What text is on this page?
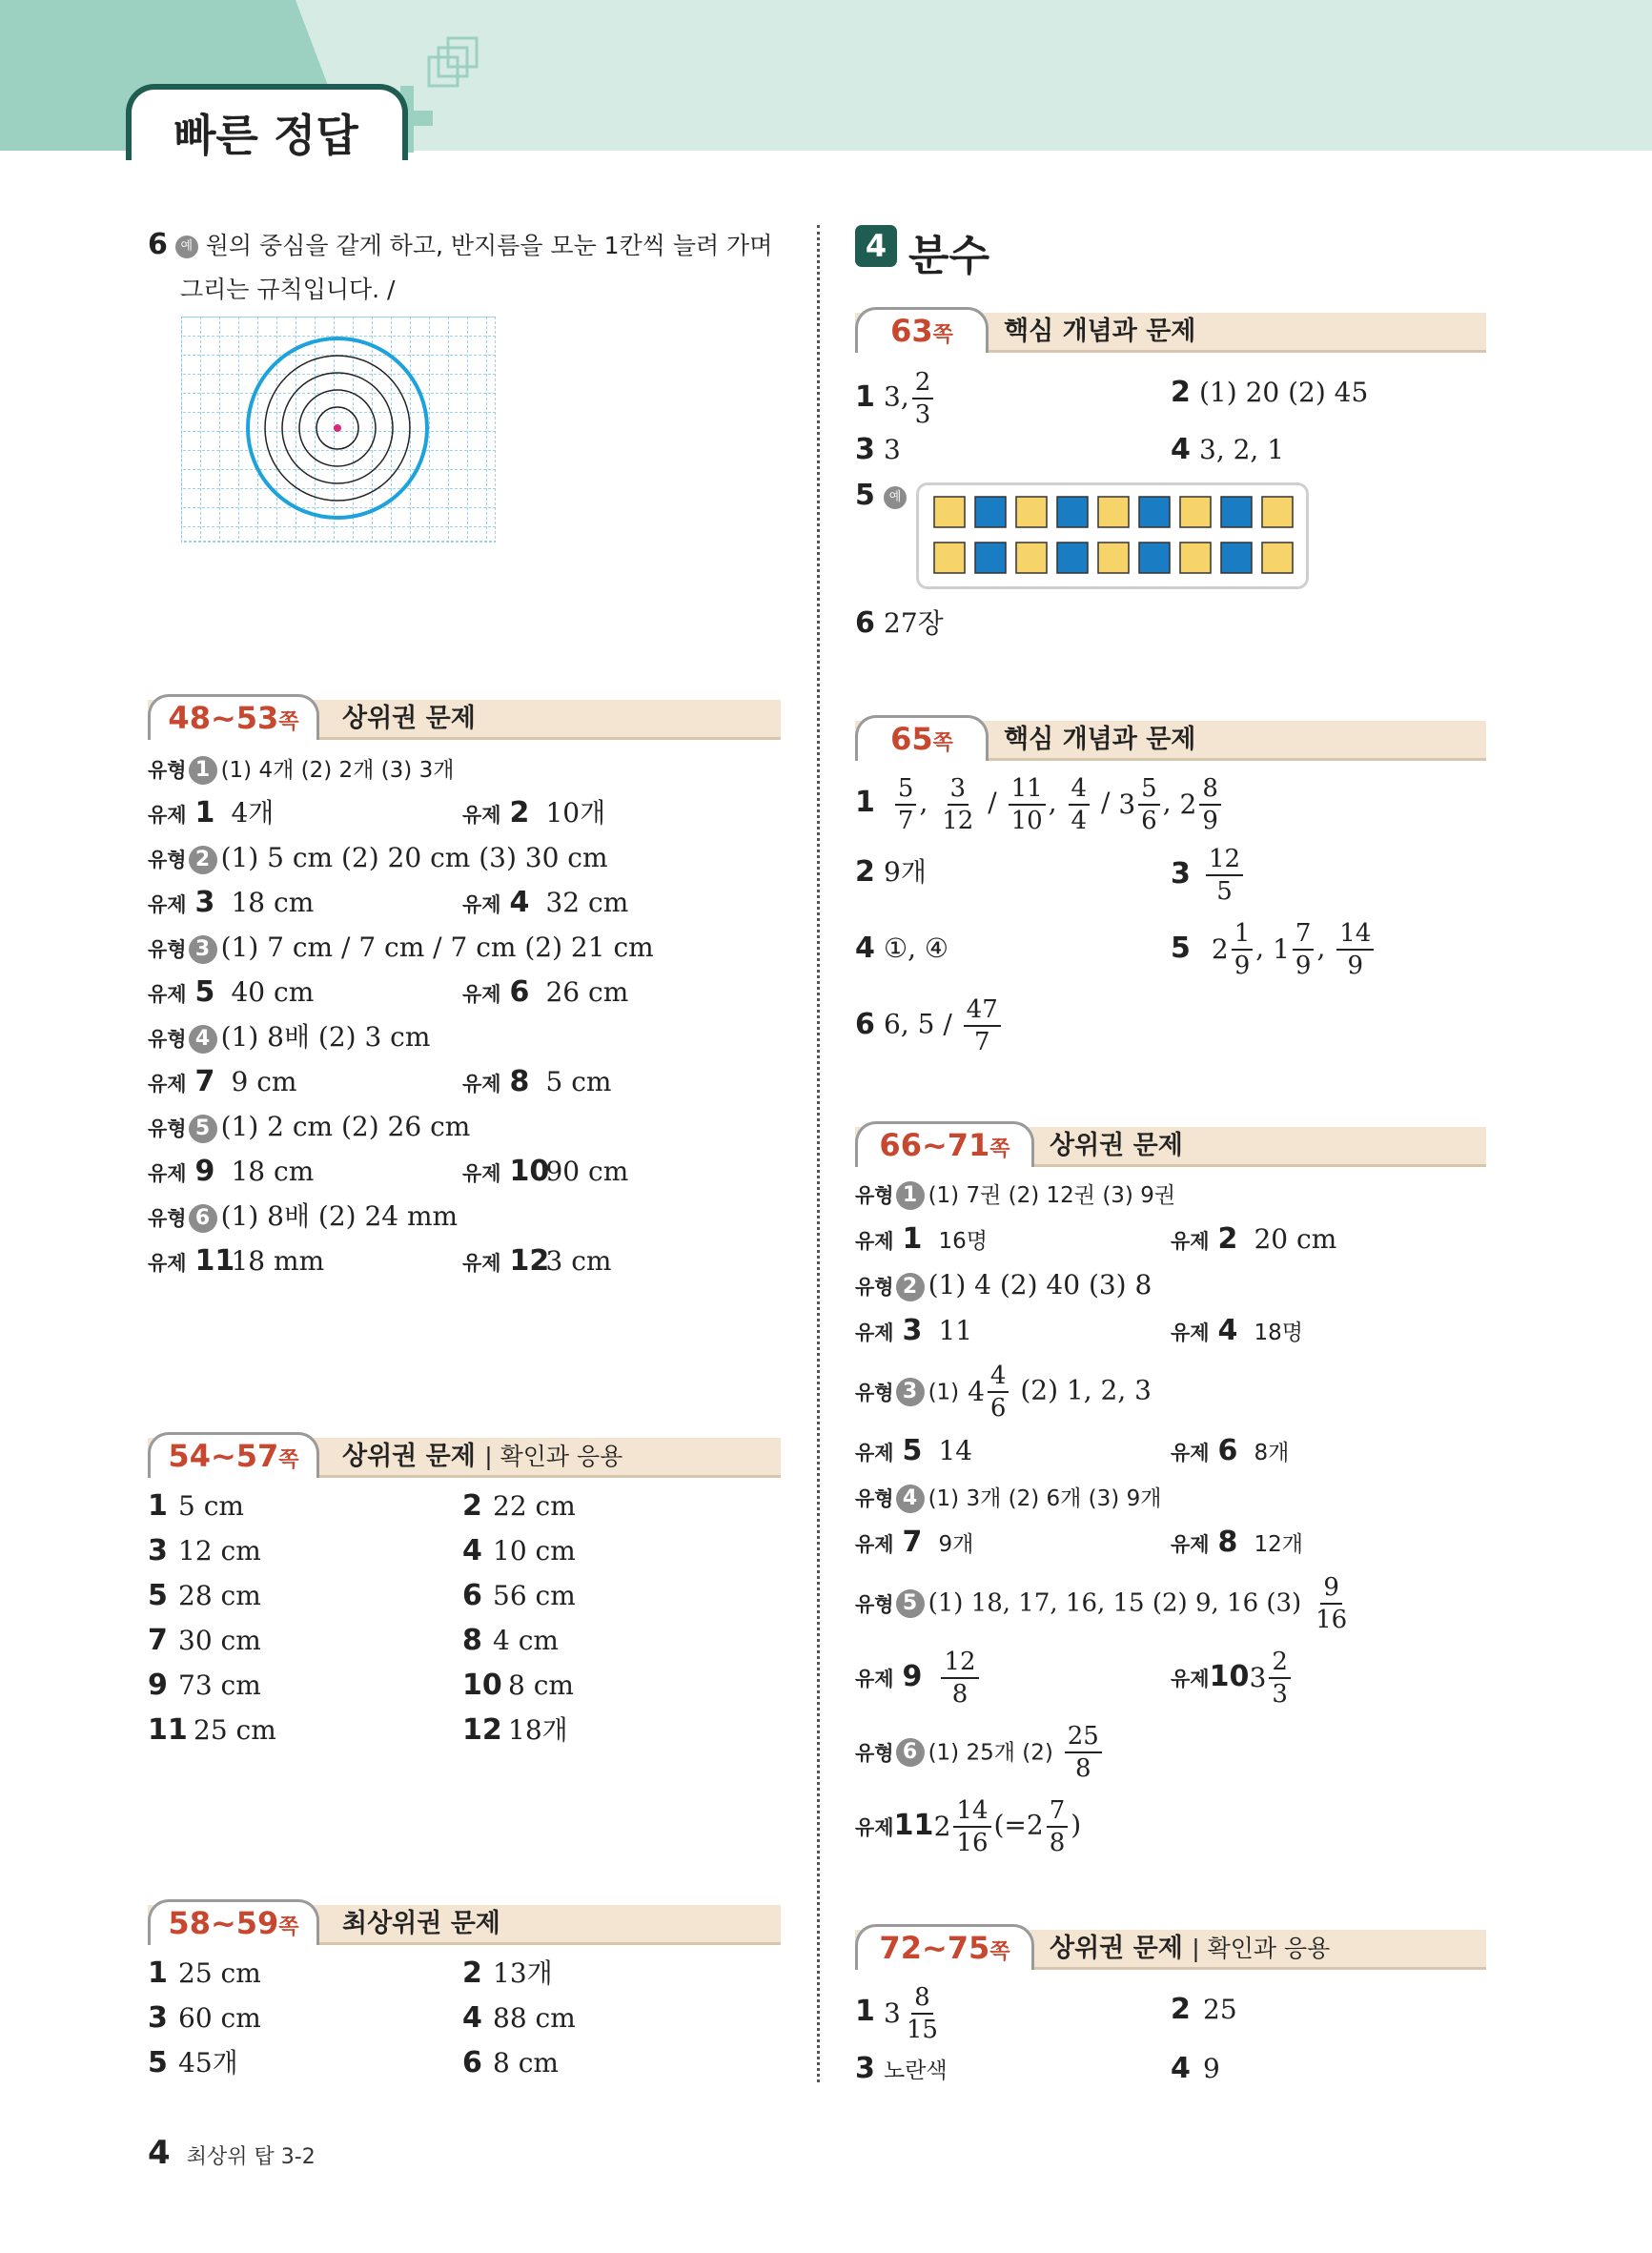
빠른 정답
6 예 원의 중심을 같게 하고, 반지름을 모눈 1칸씩 늘려 가며
그리는 규칙입니다. /
48~53쪽	상위권 문제
유형 1 (1) 4개 (2) 2개 (3) 3개
유제 1 4개	유제 2 10개
유형 2 (1) 5 cm (2) 20 cm (3) 30 cm
유제 3 18 cm	유제 4 32 cm
유형 3 (1) 7 cm / 7 cm / 7 cm (2) 21 cm
유제 5 40 cm	유제 6 26 cm
유형 4 (1) 8배 (2) 3 cm
유제 7 9 cm	유제 8 5 cm
유형 5 (1) 2 cm (2) 26 cm
유제 9 18 cm	유제 1090 cm
유형 6 (1) 8배 (2) 24 mm
유제 1118 mm	유제 123 cm
54~57쪽	상위권 문제 | 확인과 응용
1 5 cm	2 22 cm
3 12 cm	4 10 cm
5 28 cm	6 56 cm
7 30 cm	8 4 cm
9 73 cm	10 8 cm
11 25 cm	12 18개
58~59쪽	최상위권 문제
1 25 cm	2 13개
3 60 cm	4 88 cm
5 45개	6 8 cm
4 분수
63쪽	핵심 개념과 문제
1 3, $\frac{2}{3}$	2 (1) 20 (2) 45
3 3	4 3, 2, 1
5 예
6 27장
65쪽	핵심 개념과 문제
$1 \frac{5}{7}$ , $\frac{3}{12} / \frac{11}{10}$ , $\frac{4}{4} / 3 \frac{5}{6}$ , $2 \frac{8}{9}$
2 9개	$3 \frac{12}{5}$
4 ①, ④	5 $2 \frac{1}{9}$ , $1 \frac{7}{9}$ , $\frac{14}{9}$
6 6, $5 / \frac{47}{7}$
66~71쪽	상위권 문제
유형 1 (1) 7권 (2) 12권 (3) 9권
유제 1 16명	유제 2 20 cm
유형 2 (1) 4 (2) 40 (3) 8
유제 3 11	유제 4 18명
유형 3 (1) $4 \frac{4}{6} (2)$ 1, 2, 3
유제 5 14	유제 6 8개
유형 4 (1) 3개 (2) 6개 (3) 9개
유제 7 9개	유제 8 12개
유형 5 (1) 18, 17, 16, 15 (2) 9, 16 $(3) \frac{9}{16}$
유제 $9 \frac{12}{8}$	유제10 $3 \frac{2}{3}$
유형 6 (1) 25개 $(2) \frac{25}{8}$
유제11 $2 \frac{14}{16} (=2 \frac{7}{8}$ )
72~75쪽	상위권 문제 | 확인과 응용
1 $3 \frac{8}{15}$	2 25
3 노란색	4 9
4 최상위 탑 3-2
